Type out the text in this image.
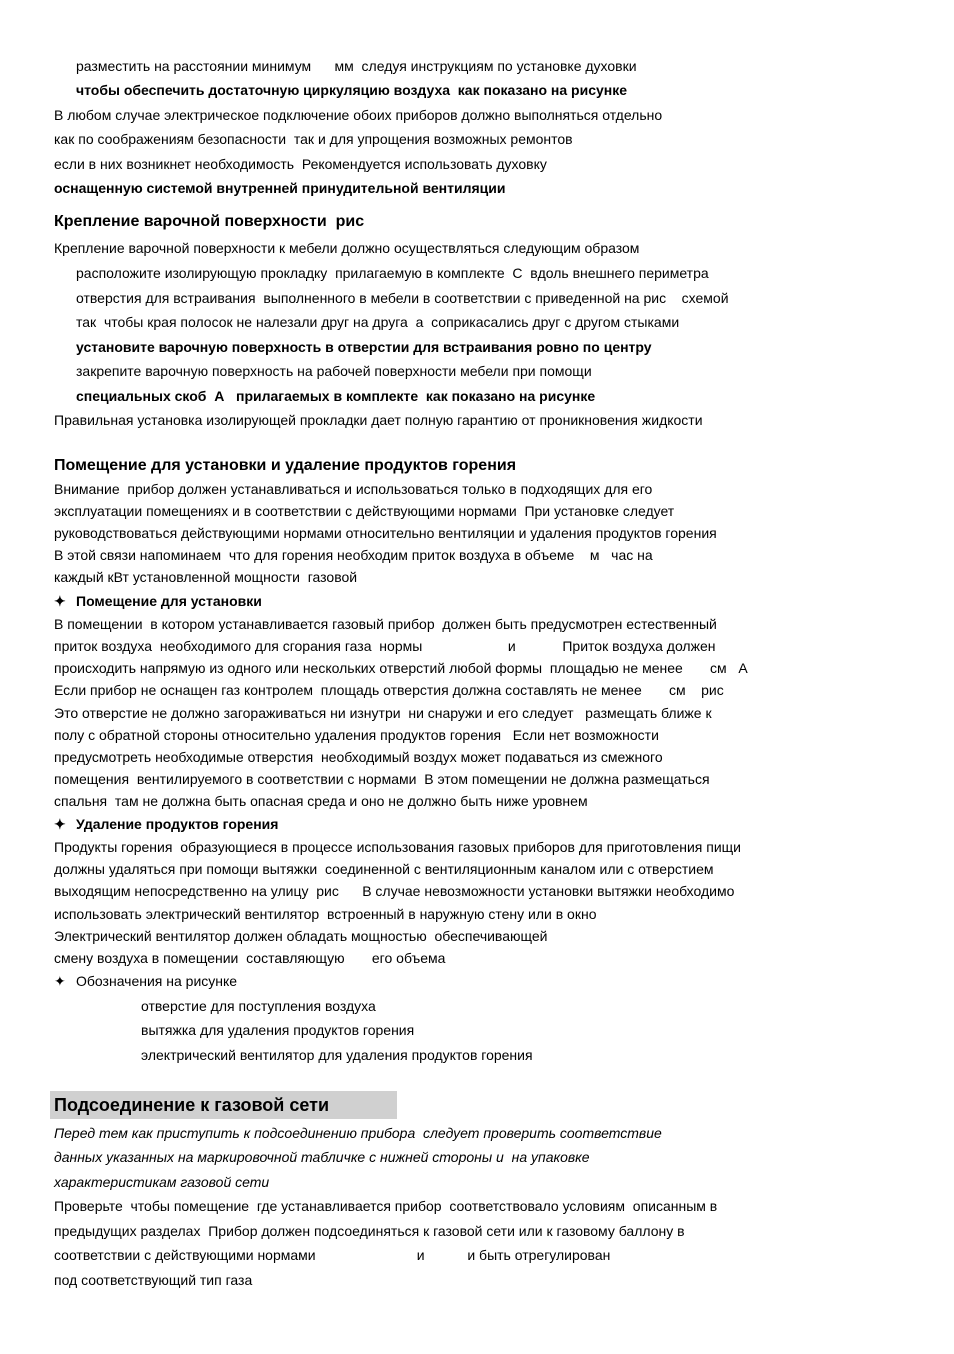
разместить на расстоянии минимум      мм  следуя инструкциям по установке духовки
чтобы обеспечить достаточную циркуляцию воздуха  как показано на рисунке
В любом случае электрическое подключение обоих приборов должно выполняться отдельно
как по соображениям безопасности  так и для упрощения возможных ремонтов
если в них возникнет необходимость  Рекомендуется использовать духовку
оснащенную системой внутренней принудительной вентиляции
Крепление варочной поверхности  рис
Крепление варочной поверхности к мебели должно осуществляться следующим образом
расположите изолирующую прокладку  прилагаемую в комплекте  С  вдоль внешнего периметра
отверстия для встраивания  выполненного в мебели в соответствии с приведенной на рис    схемой
так  чтобы края полосок не налезали друг на друга  а  соприкасались друг с другом стыками
установите варочную поверхность в отверстии для встраивания ровно по центру
закрепите варочную поверхность на рабочей поверхности мебели при помощи
специальных скоб  А   прилагаемых в комплекте  как показано на рисунке
Правильная установка изолирующей прокладки дает полную гарантию от проникновения жидкости
Помещение для установки и удаление продуктов горения
Внимание  прибор должен устанавливаться и использоваться только в подходящих для его
эксплуатации помещениях и в соответствии с действующими нормами  При установке следует
руководствоваться действующими нормами относительно вентиляции и удаления продуктов горения
В этой связи напоминаем  что для горения необходим приток воздуха в объеме    м   час на
каждый кВт установленной мощности  газовой
✦ Помещение для установки
В помещении  в котором устанавливается газовый прибор  должен быть предусмотрен естественный
приток воздуха  необходимого для сгорания газа  нормы                      и            Приток воздуха должен
происходить напрямую из одного или нескольких отверстий любой формы  площадью не менее       см   А
Если прибор не оснащен газ контролем  площадь отверстия должна составлять не менее       см    рис
Это отверстие не должно загораживаться ни изнутри  ни снаружи и его следует   размещать ближе к
полу с обратной стороны относительно удаления продуктов горения   Если нет возможности
предусмотреть необходимые отверстия  необходимый воздух может подаваться из смежного
помещения  вентилируемого в соответствии с нормами  В этом помещении не должна размещаться
спальня  там не должна быть опасная среда и оно не должно быть ниже уровнем
✦ Удаление продуктов горения
Продукты горения  образующиеся в процессе использования газовых приборов для приготовления пищи
должны удаляться при помощи вытяжки  соединенной с вентиляционным каналом или с отверстием
выходящим непосредственно на улицу  рис      В случае невозможности установки вытяжки необходимо
использовать электрический вентилятор  встроенный в наружную стену или в окно
Электрический вентилятор должен обладать мощностью  обеспечивающей
смену воздуха в помещении  составляющую       его объема
✦ Обозначения на рисунке
отверстие для поступления воздуха
вытяжка для удаления продуктов горения
электрический вентилятор для удаления продуктов горения
Подсоединение к газовой сети
Перед тем как приступить к подсоединению прибора  следует проверить соответствие
данных указанных на маркировочной табличке с нижней стороны и  на упаковке
характеристикам газовой сети
Проверьте  чтобы помещение  где устанавливается прибор  соответствовало условиям  описанным в
предыдущих разделах  Прибор должен подсоединяться к газовой сети или к газовому баллону в
соответствии с действующими нормами                          и           и быть отрегулирован
под соответствующий тип газа
